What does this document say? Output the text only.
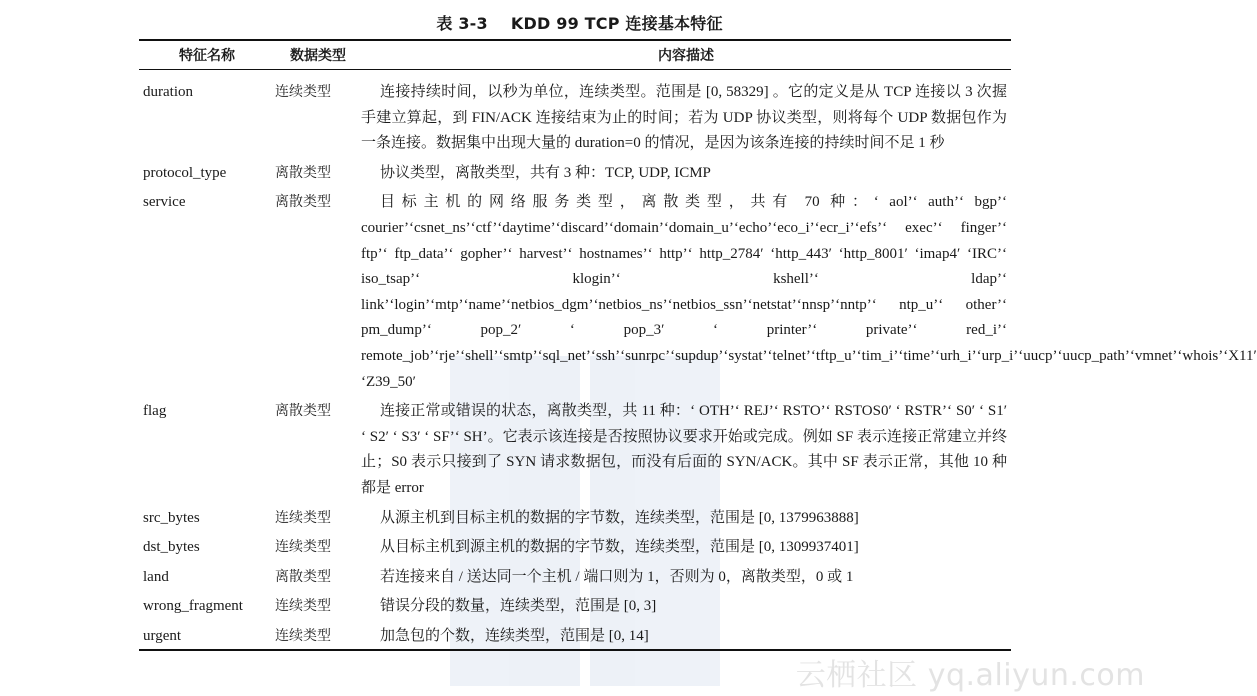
表 3-3    KDD 99 TCP 连接基本特征
特征名称	数据类型	内容描述
duration	连续类型	连接持续时间，以秒为单位，连续类型。范围是 [0, 58329] 。它的定义是从 TCP 连接以 3 次握手建立算起，到 FIN/ACK 连接结束为止的时间；若为 UDP 协议类型，则将每个 UDP 数据包作为一条连接。数据集中出现大量的 duration=0 的情况，是因为该条连接的持续时间不足 1 秒

protocol_type	离散类型	协议类型，离散类型，共有 3 种：TCP, UDP, ICMP

service	离散类型	目标主机的网络服务类型，离散类型，共有 70 种：‘ aol’‘ auth’‘ bgp’‘ courier’‘csnet_ns’‘ctf’‘daytime’‘discard’‘domain’‘domain_u’‘echo’‘eco_i’‘ecr_i’‘efs’‘ exec’‘ finger’‘ ftp’‘ ftp_data’‘ gopher’‘ harvest’‘ hostnames’‘ http’‘ http_2784′ ‘http_443′ ‘http_8001′ ‘imap4′ ‘IRC’‘ iso_tsap’‘ klogin’‘ kshell’‘ ldap’‘ link’‘login’‘mtp’‘name’‘netbios_dgm’‘netbios_ns’‘netbios_ssn’‘netstat’‘nnsp’‘nntp’‘ ntp_u’‘ other’‘ pm_dump’‘ pop_2′ ‘ pop_3′ ‘ printer’‘ private’‘ red_i’‘ remote_job’‘rje’‘shell’‘smtp’‘sql_net’‘ssh’‘sunrpc’‘supdup’‘systat’‘telnet’‘tftp_u’‘tim_i’‘time’‘urh_i’‘urp_i’‘uucp’‘uucp_path’‘vmnet’‘whois’‘X11′ ‘Z39_50′

flag	离散类型	连接正常或错误的状态，离散类型，共 11 种：‘ OTH’‘ REJ’‘ RSTO’‘ RSTOS0′ ‘ RSTR’‘ S0′ ‘ S1′ ‘ S2′ ‘ S3′ ‘ SF’‘ SH’。它表示该连接是否按照协议要求开始或完成。例如 SF 表示连接正常建立并终止；S0 表示只接到了 SYN 请求数据包，而没有后面的 SYN/ACK。其中 SF 表示正常，其他 10 种都是 error

src_bytes	连续类型	从源主机到目标主机的数据的字节数，连续类型，范围是 [0, 1379963888]

dst_bytes	连续类型	从目标主机到源主机的数据的字节数，连续类型，范围是 [0, 1309937401]

land	离散类型	若连接来自 / 送达同一个主机 / 端口则为 1，否则为 0，离散类型，0 或 1

wrong_fragment	连续类型	错误分段的数量，连续类型，范围是 [0, 3]

urgent	连续类型	加急包的个数，连续类型，范围是 [0, 14]
云栖社区 yq.aliyun.com
